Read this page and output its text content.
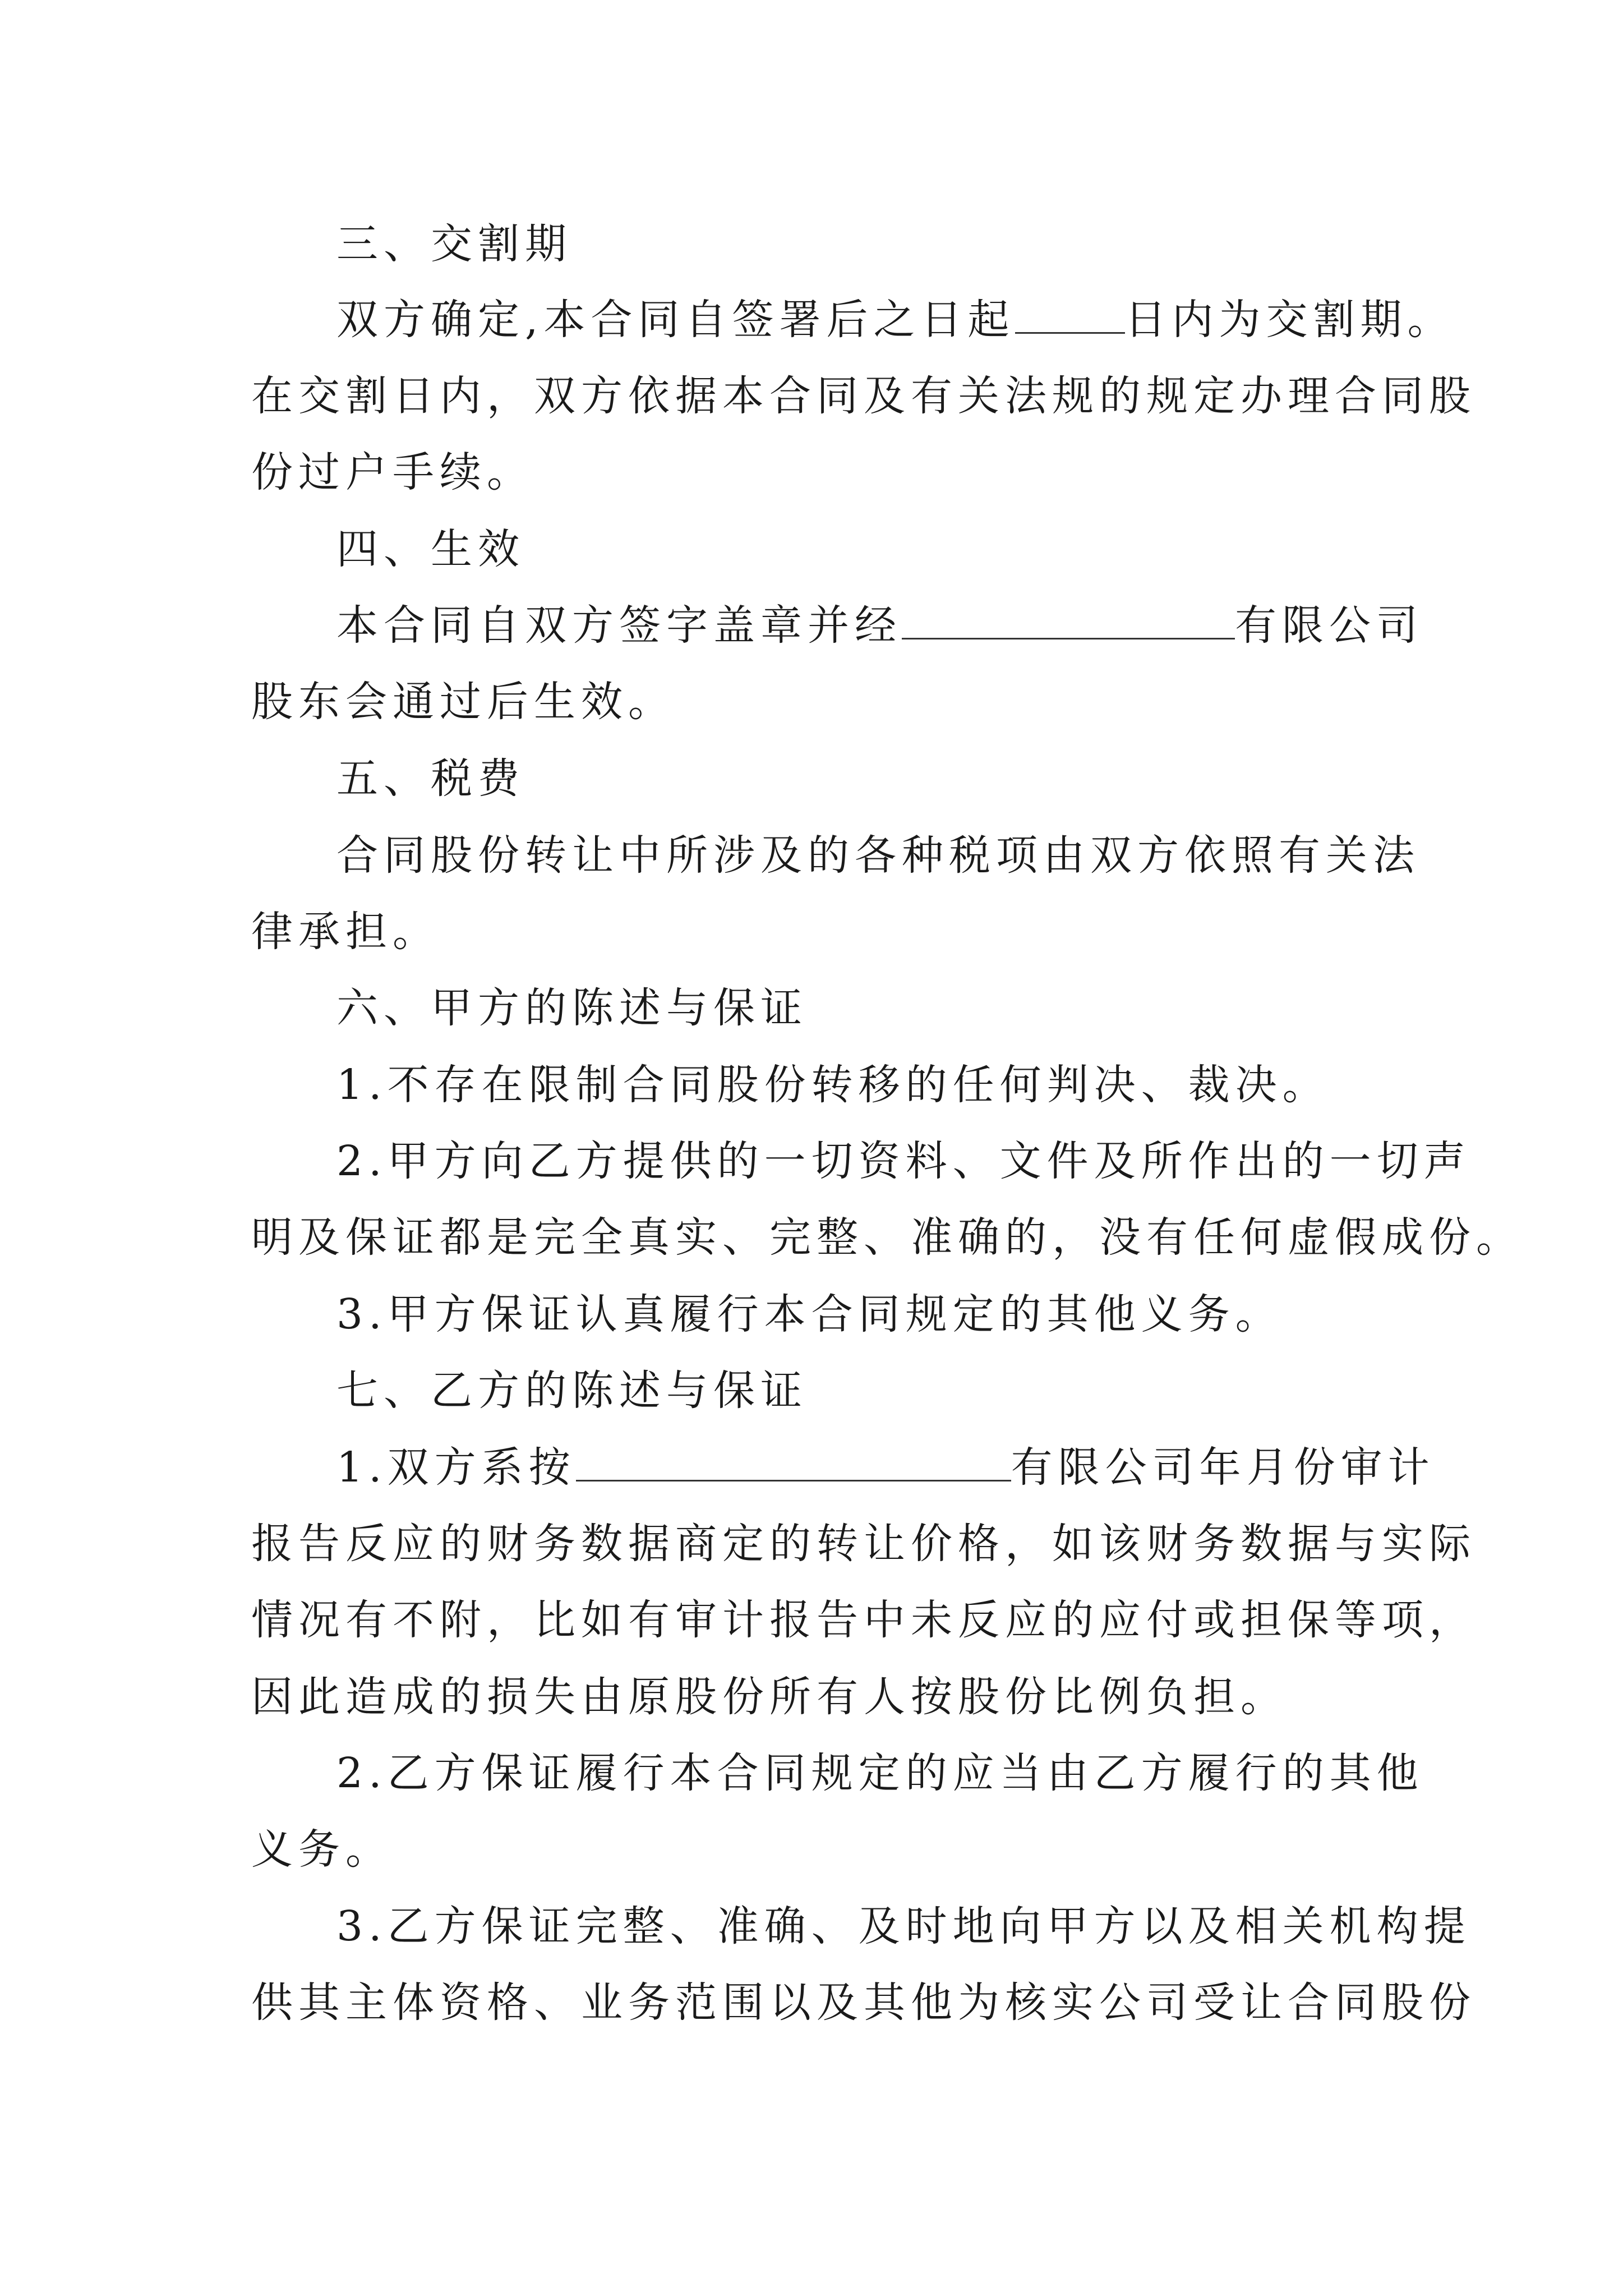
三、交割期
双方确定,本合同自签署后之日起	日内为交割期。
在交割日内，双方依据本合同及有关法规的规定办理合同股
份过户手续。
四、生效
本合同自双方签字盖章并经	有限公司
股东会通过后生效。
五、税费
合同股份转让中所涉及的各种税项由双方依照有关法
律承担。
六、甲方的陈述与保证
1.不存在限制合同股份转移的任何判决、裁决。
2.甲方向乙方提供的一切资料、文件及所作出的一切声
明及保证都是完全真实、完整、准确的，没有任何虚假成份。
3.甲方保证认真履行本合同规定的其他义务。
七、乙方的陈述与保证
1.双方系按	有限公司年月份审计
报告反应的财务数据商定的转让价格，如该财务数据与实际
情况有不附，比如有审计报告中未反应的应付或担保等项，
因此造成的损失由原股份所有人按股份比例负担。
2.乙方保证履行本合同规定的应当由乙方履行的其他
义务。
3.乙方保证完整、准确、及时地向甲方以及相关机构提
供其主体资格、业务范围以及其他为核实公司受让合同股份
